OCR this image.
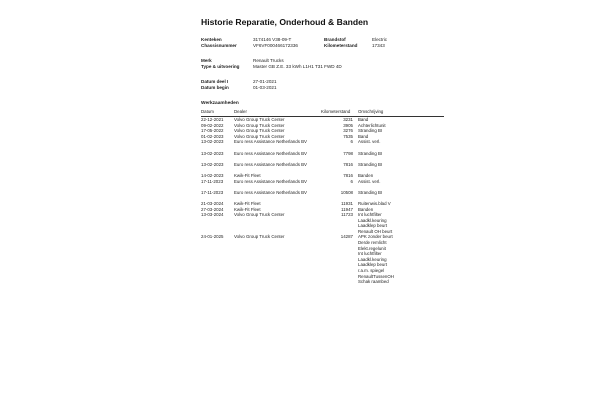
Historie Reparatie, Onderhoud & Banden
Kenteken	3174146 V38-09-T	Brandstof	Electric
Chassisnummer	VF6VF000466172336	Kilometerstand	17343
Merk	Renault Trucks
Type & uitvoering	Master GB Z.E. 33 kWh L1H1 T31 FWD 4D
Datum deel I	27-01-2021
Datum begin	01-03-2021
Werkzaamheden
Datum	Dealer	Kilometerstand Omschrijving
22-12-2021 Volvo Group Truck Center	3231 Band
09-02-2022 Volvo Group Truck Center	3905 Achterlichtunit
17-05-2022 Volvo Group Truck Center	3276 Stranding BI
01-02-2023 Volvo Group Truck Center	7535 Band
13-02-2023 Euro ress Assistance Netherlands BV	6 Assist. verl.
13-02-2023 Euro ress Assistance Netherlands BV	7798 Stranding BI
13-02-2023 Euro ress Assistance Netherlands BV	7816 Stranding BI
14-02-2023 Kwik-Fit Fleet	7816 Banden
17-11-2023 Euro ress Assistance Netherlands BV	6 Assist. verl.
17-11-2023 Euro ress Assistance Netherlands BV	10508 Stranding BI
21-03-2024 Kwik-Fit Fleet	11931 Ruitenwis.blad V
27-03-2024 Kwik-Fit Fleet	11947 Banden
13-03-2024 Volvo Group Truck Center	11723 Int luchtfilter
Laadkl.keuring
Laadklep beurt
Renault OH beurt
24-01-2025 Volvo Group Truck Center	14287 APK zonder beurt
Derde remlicht
Elekt.regelunit
Int luchtfilter
Laadkl.keuring
Laadklep beurt
r.a.m. spiegel
RenaultTussenOH
Schak raambed
